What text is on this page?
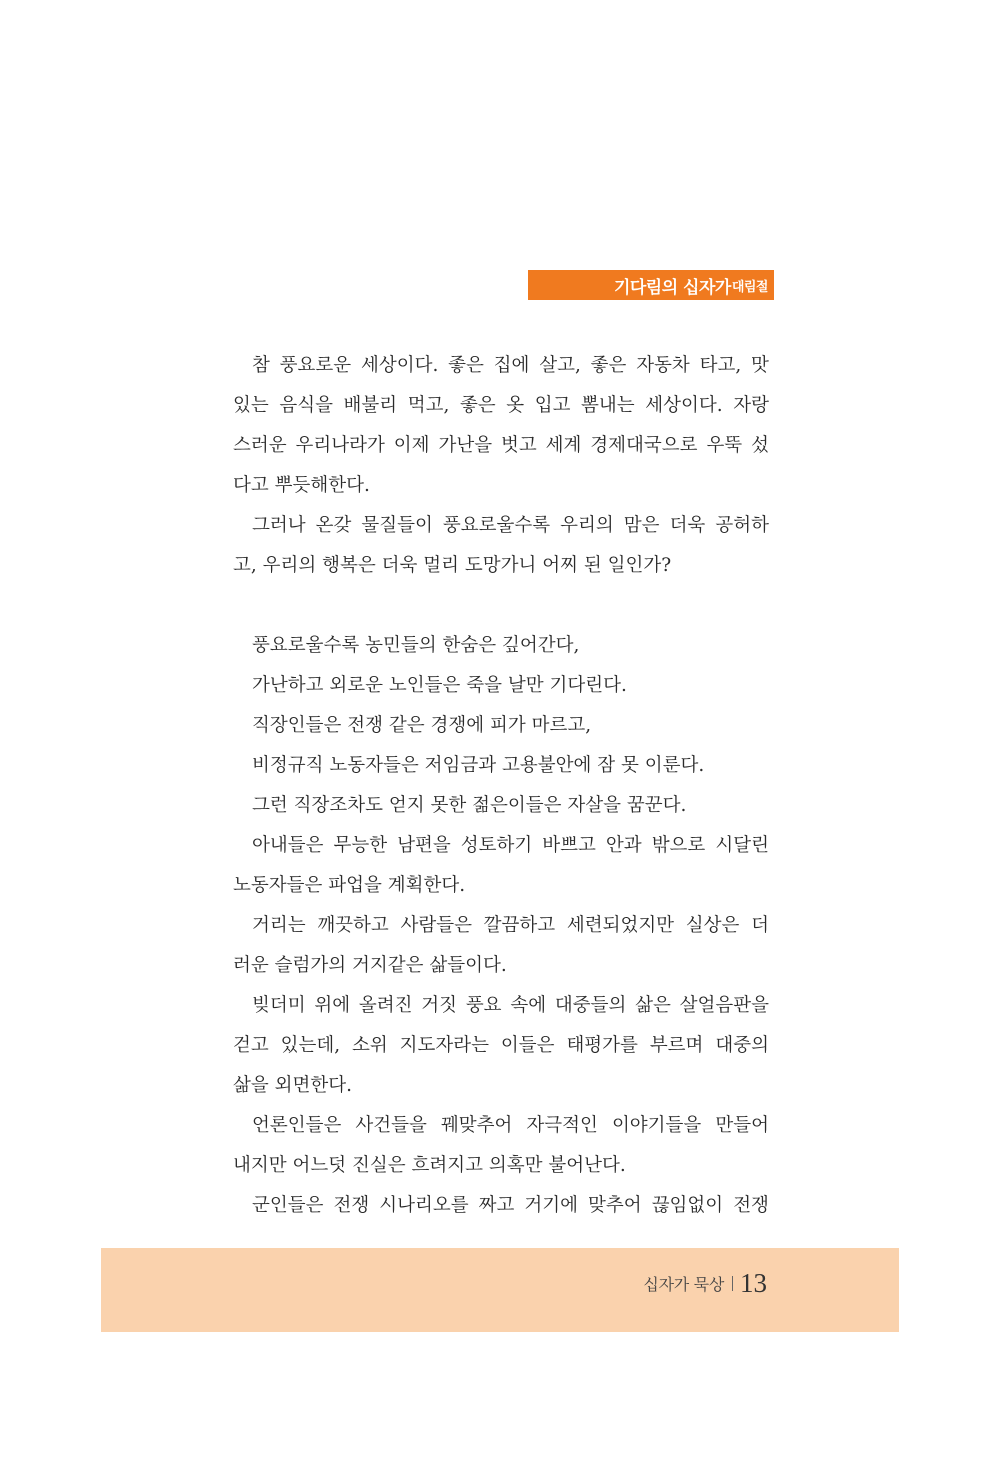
기다림의 십자가 대림절
참 풍요로운 세상이다. 좋은 집에 살고, 좋은 자동차 타고, 맛
있는 음식을 배불리 먹고, 좋은 옷 입고 뽐내는 세상이다. 자랑
스러운 우리나라가 이제 가난을 벗고 세계 경제대국으로 우뚝 섰
다고 뿌듯해한다.
그러나 온갖 물질들이 풍요로울수록 우리의 맘은 더욱 공허하
고, 우리의 행복은 더욱 멀리 도망가니 어찌 된 일인가?
풍요로울수록 농민들의 한숨은 깊어간다,
가난하고 외로운 노인들은 죽을 날만 기다린다.
직장인들은 전쟁 같은 경쟁에 피가 마르고,
비정규직 노동자들은 저임금과 고용불안에 잠 못 이룬다.
그런 직장조차도 얻지 못한 젊은이들은 자살을 꿈꾼다.
아내들은 무능한 남편을 성토하기 바쁘고 안과 밖으로 시달린
노동자들은 파업을 계획한다.
거리는 깨끗하고 사람들은 깔끔하고 세련되었지만 실상은 더
러운 슬럼가의 거지같은 삶들이다.
빚더미 위에 올려진 거짓 풍요 속에 대중들의 삶은 살얼음판을
걷고 있는데, 소위 지도자라는 이들은 태평가를 부르며 대중의
삶을 외면한다.
언론인들은 사건들을 꿰맞추어 자극적인 이야기들을 만들어
내지만 어느덧 진실은 흐려지고 의혹만 불어난다.
군인들은 전쟁 시나리오를 짜고 거기에 맞추어 끊임없이 전쟁
십자가 묵상 13
